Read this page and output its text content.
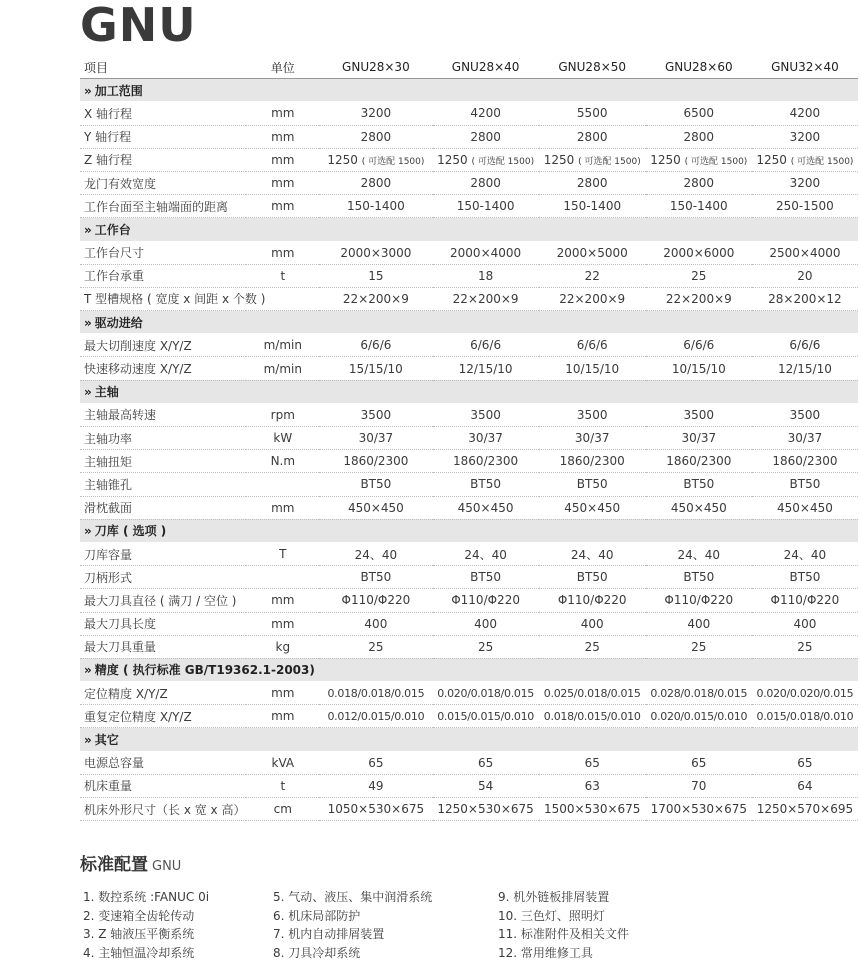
GNU
项目	单位	GNU28×30	GNU28×40	GNU28×50	GNU28×60	GNU32×40
» 加工范围						
X 轴行程	mm	3200	4200	5500	6500	4200
Y 轴行程	mm	2800	2800	2800	2800	3200
Z 轴行程	mm	1250 ( 可选配 1500)	1250 ( 可选配 1500)	1250 ( 可选配 1500)	1250 ( 可选配 1500)	1250 ( 可选配 1500)
龙门有效宽度	mm	2800	2800	2800	2800	3200
工作台面至主轴端面的距离	mm	150-1400	150-1400	150-1400	150-1400	250-1500
» 工作台						
工作台尺寸	mm	2000×3000	2000×4000	2000×5000	2000×6000	2500×4000
工作台承重	t	15	18	22	25	20
T 型槽规格 ( 宽度 x 间距 x 个数 )		22×200×9	22×200×9	22×200×9	22×200×9	28×200×12
» 驱动进给						
最大切削速度 X/Y/Z	m/min	6/6/6	6/6/6	6/6/6	6/6/6	6/6/6
快速移动速度 X/Y/Z	m/min	15/15/10	12/15/10	10/15/10	10/15/10	12/15/10
» 主轴						
主轴最高转速	rpm	3500	3500	3500	3500	3500
主轴功率	kW	30/37	30/37	30/37	30/37	30/37
主轴扭矩	N.m	1860/2300	1860/2300	1860/2300	1860/2300	1860/2300
主轴锥孔		BT50	BT50	BT50	BT50	BT50
滑枕截面	mm	450×450	450×450	450×450	450×450	450×450
» 刀库 ( 选项 )						
刀库容量	T	24、40	24、40	24、40	24、40	24、40
刀柄形式		BT50	BT50	BT50	BT50	BT50
最大刀具直径 ( 满刀 / 空位 )	mm	Φ110/Φ220	Φ110/Φ220	Φ110/Φ220	Φ110/Φ220	Φ110/Φ220
最大刀具长度	mm	400	400	400	400	400
最大刀具重量	kg	25	25	25	25	25
» 精度 ( 执行标准 GB/T19362.1-2003)						
定位精度 X/Y/Z	mm	0.018/0.018/0.015	0.020/0.018/0.015	0.025/0.018/0.015	0.028/0.018/0.015	0.020/0.020/0.015
重复定位精度 X/Y/Z	mm	0.012/0.015/0.010	0.015/0.015/0.010	0.018/0.015/0.010	0.020/0.015/0.010	0.015/0.018/0.010
» 其它						
电源总容量	kVA	65	65	65	65	65
机床重量	t	49	54	63	70	64
机床外形尺寸（长 x 宽 x 高）	cm	1050×530×675	1250×530×675	1500×530×675	1700×530×675	1250×570×695
标准配置 GNU
1. 数控系统 :FANUC 0i
2. 变速箱全齿轮传动
3. Z 轴液压平衡系统
4. 主轴恒温冷却系统
5. 气动、液压、集中润滑系统
6. 机床局部防护
7. 机内自动排屑装置
8. 刀具冷却系统
9. 机外链板排屑装置
10. 三色灯、照明灯
11. 标准附件及相关文件
12. 常用维修工具
